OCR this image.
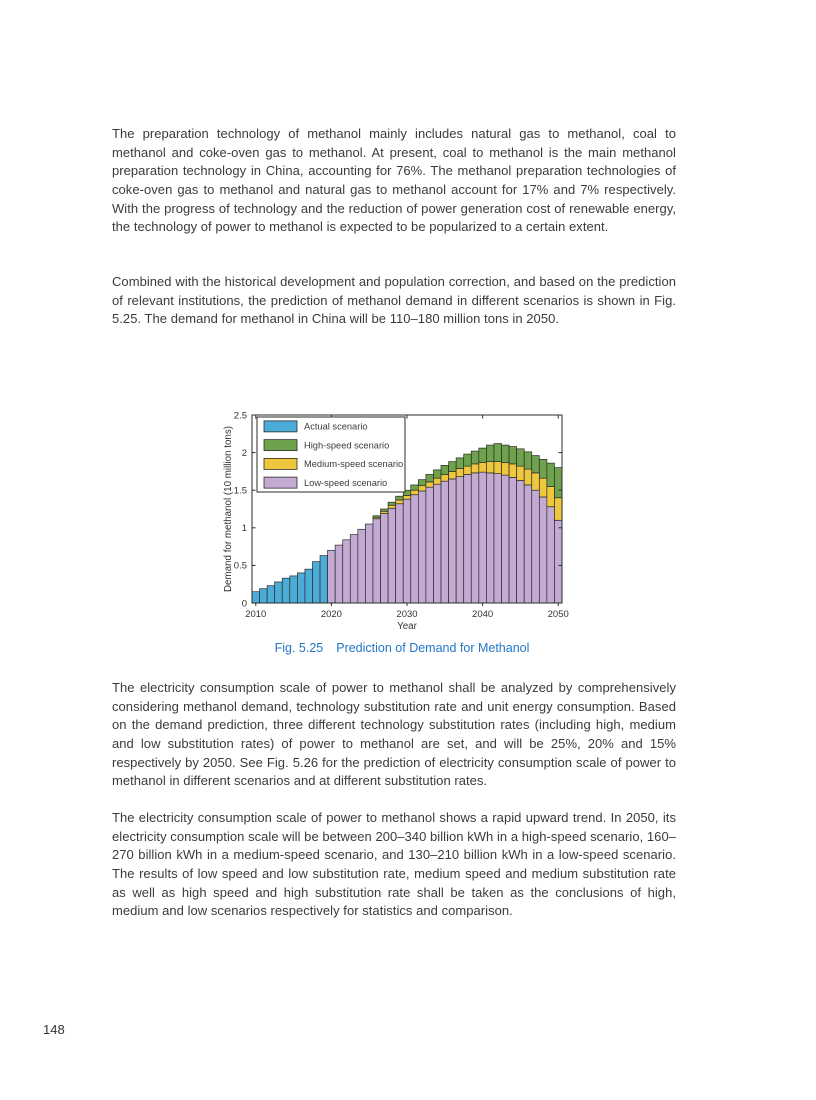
The preparation technology of methanol mainly includes natural gas to methanol, coal to methanol and coke-oven gas to methanol. At present, coal to methanol is the main methanol preparation technology in China, accounting for 76%. The methanol preparation technologies of coke-oven gas to methanol and natural gas to methanol account for 17% and 7% respectively. With the progress of technology and the reduction of power generation cost of renewable energy, the technology of power to methanol is expected to be popularized to a certain extent.

Combined with the historical development and population correction, and based on the prediction of relevant institutions, the prediction of methanol demand in different scenarios is shown in Fig. 5.25. The demand for methanol in China will be 110–180 million tons in 2050.

0
0.5
1
1.5
2
2.5
2010	2020	2030	2040	2050
Year
Demand for methanol (10 million tons)	Actual scenario
High-speed scenario
Medium-speed scenario
Low-speed scenario
Fig. 5.25 Prediction of Demand for Methanol

The electricity consumption scale of power to methanol shall be analyzed by comprehensively considering methanol demand, technology substitution rate and unit energy consumption. Based on the demand prediction, three different technology substitution rates (including high, medium and low substitution rates) of power to methanol are set, and will be 25%, 20% and 15% respectively by 2050. See Fig. 5.26 for the prediction of electricity consumption scale of power to methanol in different scenarios and at different substitution rates.

The electricity consumption scale of power to methanol shows a rapid upward trend. In 2050, its electricity consumption scale will be between 200–340 billion kWh in a high-speed scenario, 160–270 billion kWh in a medium-speed scenario, and 130–210 billion kWh in a low-speed scenario. The results of low speed and low substitution rate, medium speed and medium substitution rate as well as high speed and high substitution rate shall be taken as the conclusions of high, medium and low scenarios respectively for statistics and comparison.

148
